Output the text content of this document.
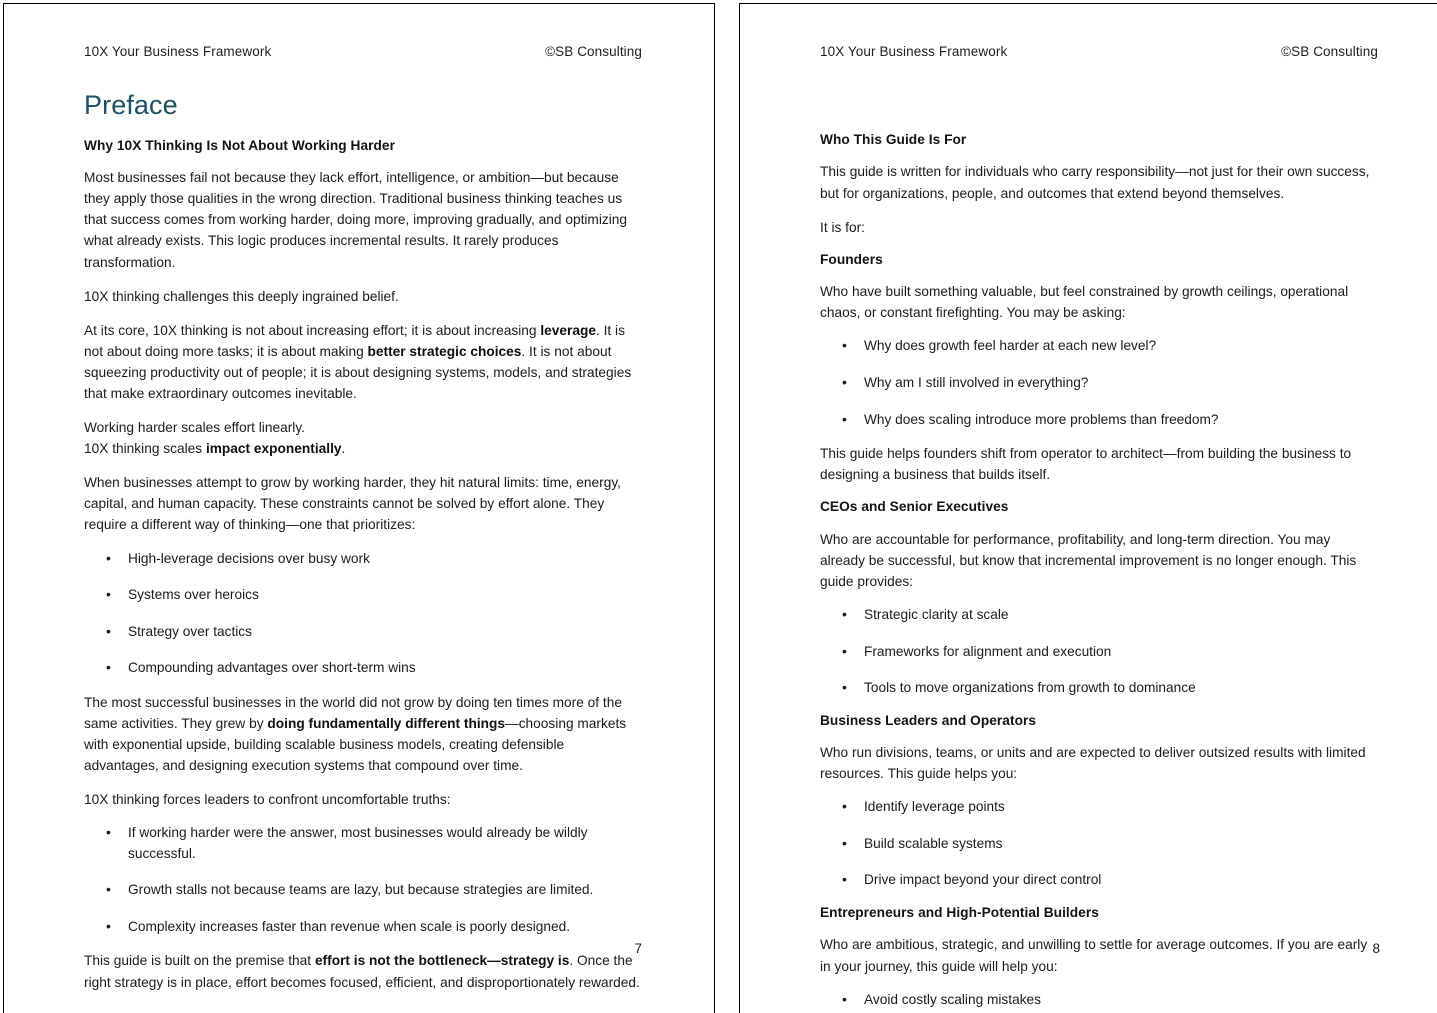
10X Your Business Framework	©SB Consulting
Preface
Why 10X Thinking Is Not About Working Harder

Most businesses fail not because they lack effort, intelligence, or ambition—but because they apply those qualities in the wrong direction. Traditional business thinking teaches us that success comes from working harder, doing more, improving gradually, and optimizing what already exists. This logic produces incremental results. It rarely produces transformation.

10X thinking challenges this deeply ingrained belief.

At its core, 10X thinking is not about increasing effort; it is about increasing leverage. It is not about doing more tasks; it is about making better strategic choices. It is not about squeezing productivity out of people; it is about designing systems, models, and strategies that make extraordinary outcomes inevitable.

Working harder scales effort linearly.
10X thinking scales impact exponentially.

When businesses attempt to grow by working harder, they hit natural limits: time, energy, capital, and human capacity. These constraints cannot be solved by effort alone. They require a different way of thinking—one that prioritizes:

• High-leverage decisions over busy work
• Systems over heroics
• Strategy over tactics
• Compounding advantages over short-term wins

The most successful businesses in the world did not grow by doing ten times more of the same activities. They grew by doing fundamentally different things—choosing markets with exponential upside, building scalable business models, creating defensible advantages, and designing execution systems that compound over time.

10X thinking forces leaders to confront uncomfortable truths:

• If working harder were the answer, most businesses would already be wildly successful.
• Growth stalls not because teams are lazy, but because strategies are limited.
• Complexity increases faster than revenue when scale is poorly designed.

This guide is built on the premise that effort is not the bottleneck—strategy is. Once the right strategy is in place, effort becomes focused, efficient, and disproportionately rewarded.

7
10X Your Business Framework	©SB Consulting
Who This Guide Is For

This guide is written for individuals who carry responsibility—not just for their own success, but for organizations, people, and outcomes that extend beyond themselves.

It is for:

Founders

Who have built something valuable, but feel constrained by growth ceilings, operational chaos, or constant firefighting. You may be asking:

• Why does growth feel harder at each new level?
• Why am I still involved in everything?
• Why does scaling introduce more problems than freedom?

This guide helps founders shift from operator to architect—from building the business to designing a business that builds itself.

CEOs and Senior Executives

Who are accountable for performance, profitability, and long-term direction. You may already be successful, but know that incremental improvement is no longer enough. This guide provides:

• Strategic clarity at scale
• Frameworks for alignment and execution
• Tools to move organizations from growth to dominance
Business Leaders and Operators

Who run divisions, teams, or units and are expected to deliver outsized results with limited resources. This guide helps you:

• Identify leverage points
• Build scalable systems
• Drive impact beyond your direct control
Entrepreneurs and High-Potential Builders

Who are ambitious, strategic, and unwilling to settle for average outcomes. If you are early in your journey, this guide will help you:

• Avoid costly scaling mistakes
8
